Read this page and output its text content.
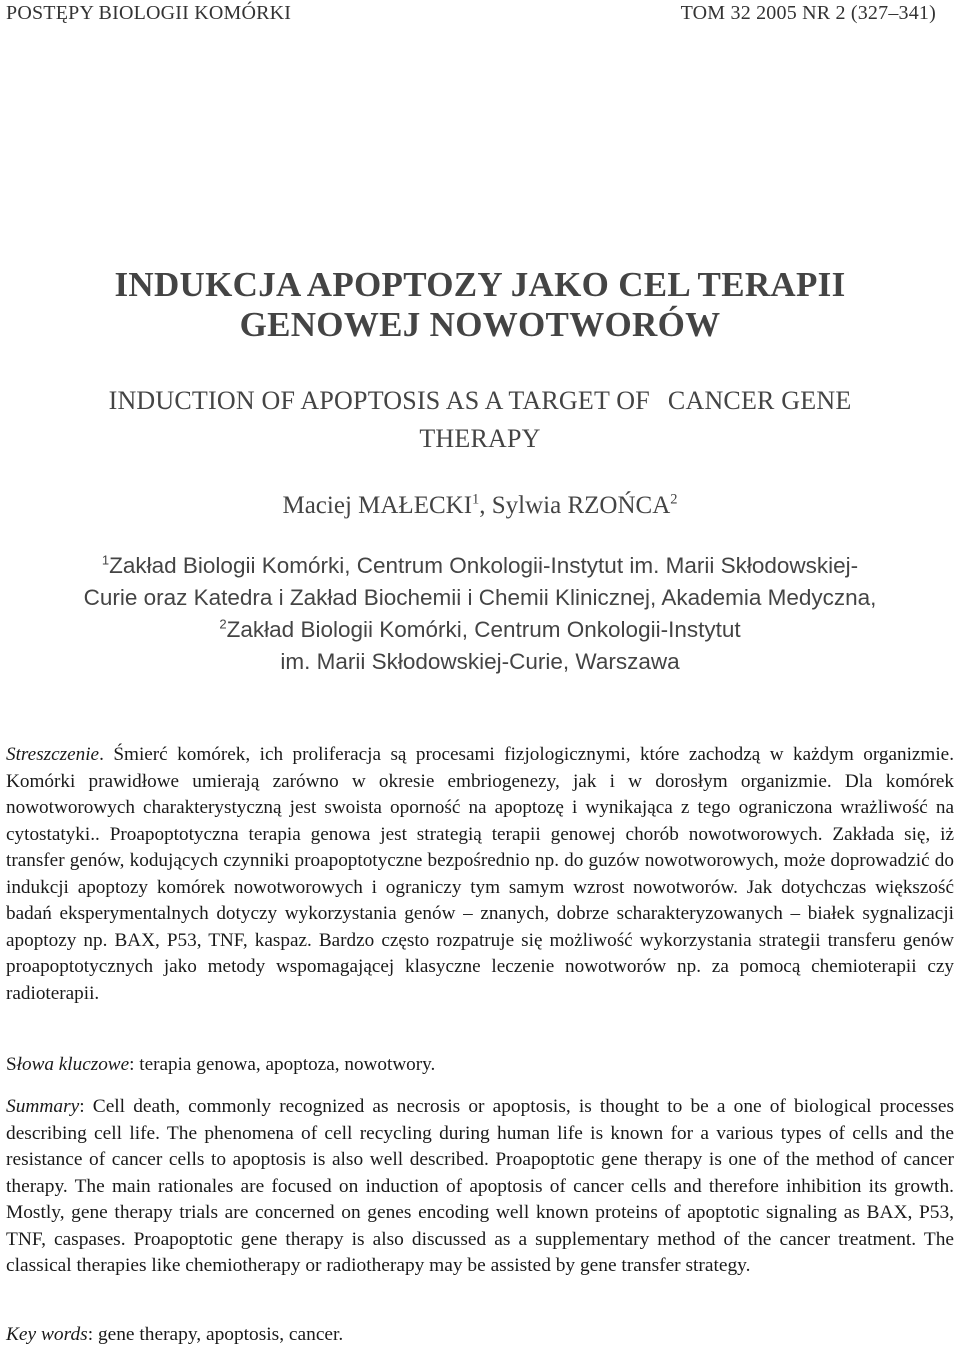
POSTĘPY BIOLOGII KOMÓRKI	TOM 32 2005 NR 2 (327–341)
INDUKCJA APOPTOZY JAKO CEL TERAPII
GENOWEJ NOWOTWORÓW
INDUCTION OF APOPTOSIS AS A TARGET OF CANCER GENE
THERAPY
Maciej MAŁECKI$^1$, Sylwia RZOŃCA$^2$
$^1$Zakład Biologii Komórki, Centrum Onkologii-Instytut im. Marii Skłodowskiej-
Curie oraz Katedra i Zakład Biochemii i Chemii Klinicznej, Akademia Medyczna,
$^2$Zakład Biologii Komórki, Centrum Onkologii-Instytut
im. Marii Skłodowskiej-Curie, Warszawa
Streszczenie. Śmierć komórek, ich proliferacja są procesami fizjologicznymi, które zachodzą w każdym organizmie. Komórki prawidłowe umierają zarówno w okresie embriogenezy, jak i w dorosłym organizmie. Dla komórek nowotworowych charakterystyczną jest swoista oporność na apoptozę i wynikająca z tego ograniczona wrażliwość na cytostatyki.. Proapoptotyczna terapia genowa jest strategią terapii genowej chorób nowotworowych. Zakłada się, iż transfer genów, kodujących czynniki proapoptotyczne bezpośrednio np. do guzów nowotworowych, może doprowadzić do indukcji apoptozy komórek nowotworowych i ograniczy tym samym wzrost nowotworów. Jak dotychczas większość badań eksperymentalnych dotyczy wykorzystania genów – znanych, dobrze scharakteryzowanych – białek sygnalizacji apoptozy np. BAX, P53, TNF, kaspaz. Bardzo często rozpatruje się możliwość wykorzystania strategii transferu genów proapoptotycznych jako metody wspomagającej klasyczne leczenie nowotworów np. za pomocą chemioterapii czy radioterapii.
Słowa kluczowe: terapia genowa, apoptoza, nowotwory.
Summary: Cell death, commonly recognized as necrosis or apoptosis, is thought to be a one of biological processes describing cell life. The phenomena of cell recycling during human life is known for a various types of cells and the resistance of cancer cells to apoptosis is also well described. Proapoptotic gene therapy is one of the method of cancer therapy. The main rationales are focused on induction of apoptosis of cancer cells and therefore inhibition its growth. Mostly, gene therapy trials are concerned on genes encoding well known proteins of apoptotic signaling as BAX, P53, TNF, caspases. Proapoptotic gene therapy is also discussed as a supplementary method of the cancer treatment. The classical therapies like chemiotherapy or radiotherapy may be assisted by gene transfer strategy.
Key words: gene therapy, apoptosis, cancer.
